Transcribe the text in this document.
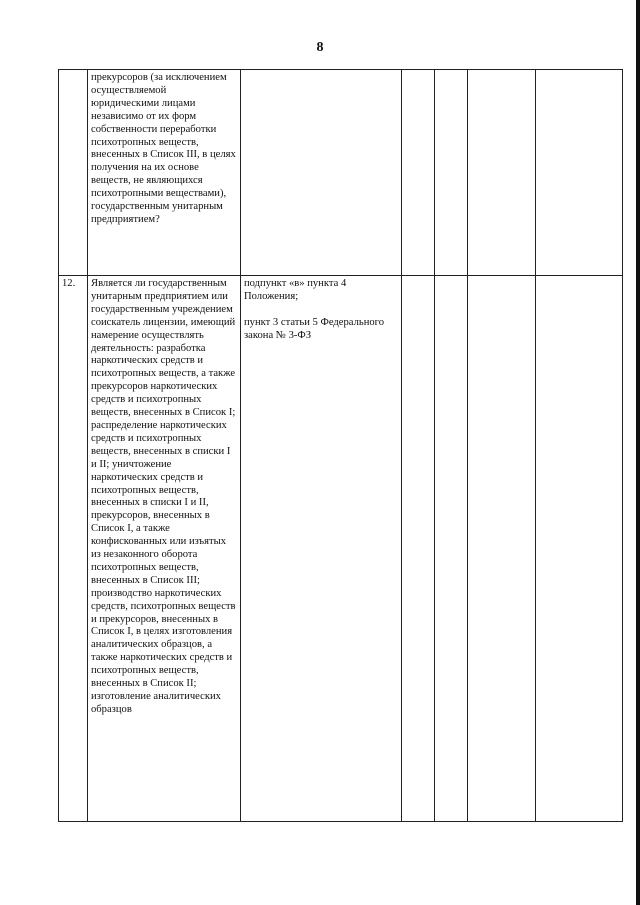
8
	прекурсоров (за исключением осуществляемой юридическими лицами независимо от их форм собственности переработки психотропных веществ, внесенных в Список III, в целях получения на их основе веществ, не являющихся психотропными веществами), государственным унитарным предприятием?	

12.	Является ли государственным унитарным предприятием или государственным учреждением соискатель лицензии, имеющий намерение осуществлять деятельность: разработка наркотических средств и психотропных веществ, а также прекурсоров наркотических средств и психотропных веществ, внесенных в Список I; распределение наркотических средств и психотропных веществ, внесенных в списки I и II; уничтожение наркотических средств и психотропных веществ, внесенных в списки I и II, прекурсоров, внесенных в Список I, а также конфискованных или изъятых из незаконного оборота психотропных веществ, внесенных в Список III; производство наркотических средств, психотропных веществ и прекурсоров, внесенных в Список I, в целях изготовления аналитических образцов, а также наркотических средств и психотропных веществ, внесенных в Список II; изготовление аналитических образцов	подпункт «в» пункта 4 Положения;
пункт 3 статьи 5 Федерального закона № 3-ФЗ				
